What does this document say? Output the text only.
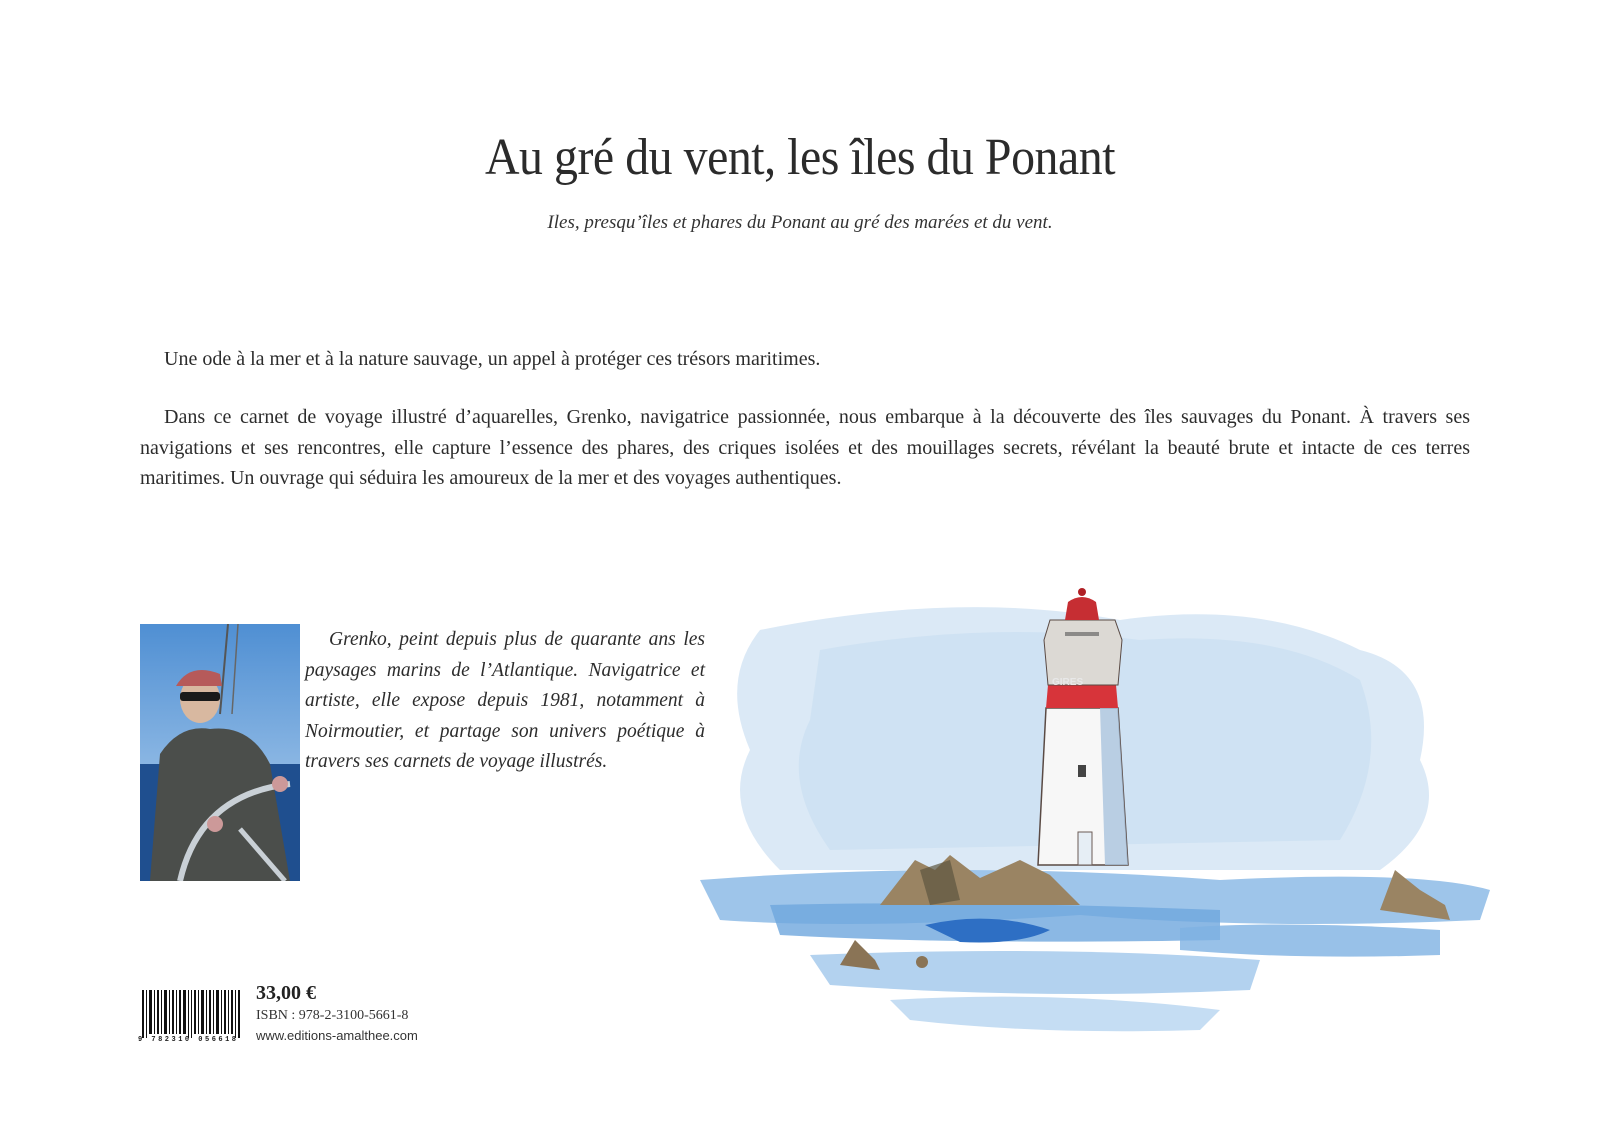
Au gré du vent, les îles du Ponant
Iles, presqu’îles et phares du Ponant au gré des marées et du vent.
Une ode à la mer et à la nature sauvage, un appel à protéger ces trésors maritimes.
Dans ce carnet de voyage illustré d’aquarelles, Grenko, navigatrice passionnée, nous embarque à la découverte des îles sauvages du Ponant. À travers ses navigations et ses rencontres, elle capture l’essence des phares, des criques isolées et des mouillages secrets, révélant la beauté brute et intacte de ces terres maritimes. Un ouvrage qui séduira les amoureux de la mer et des voyages authentiques.
Grenko, peint depuis plus de quarante ans les paysages marins de l’Atlantique. Navigatrice et artiste, elle expose depuis 1981, notamment à Noirmoutier, et partage son univers poétique à travers ses carnets de voyage illustrés.
GIRES
9 782310 056618
33,00 €
ISBN : 978-2-3100-5661-8
www.editions-amalthee.com
